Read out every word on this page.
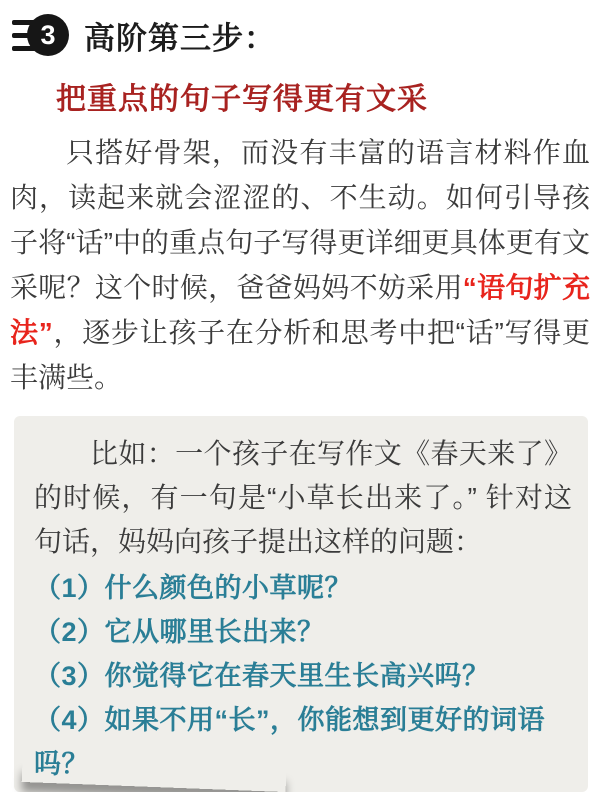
3 高阶第三步：
把重点的句子写得更有文采

只搭好骨架，而没有丰富的语言材料作血肉，读起来就会涩涩的、不生动。如何引导孩子将“话”中的重点句子写得更详细更具体更有文采呢？这个时候，爸爸妈妈不妨采用“语句扩充法”，逐步让孩子在分析和思考中把“话”写得更丰满些。

比如：一个孩子在写作文《春天来了》的时候，有一句是“小草长出来了。” 针对这句话，妈妈向孩子提出这样的问题：

（1）什么颜色的小草呢？
（2）它从哪里长出来？
（3）你觉得它在春天里生长高兴吗？
（4）如果不用“长”，你能想到更好的词语吗？
